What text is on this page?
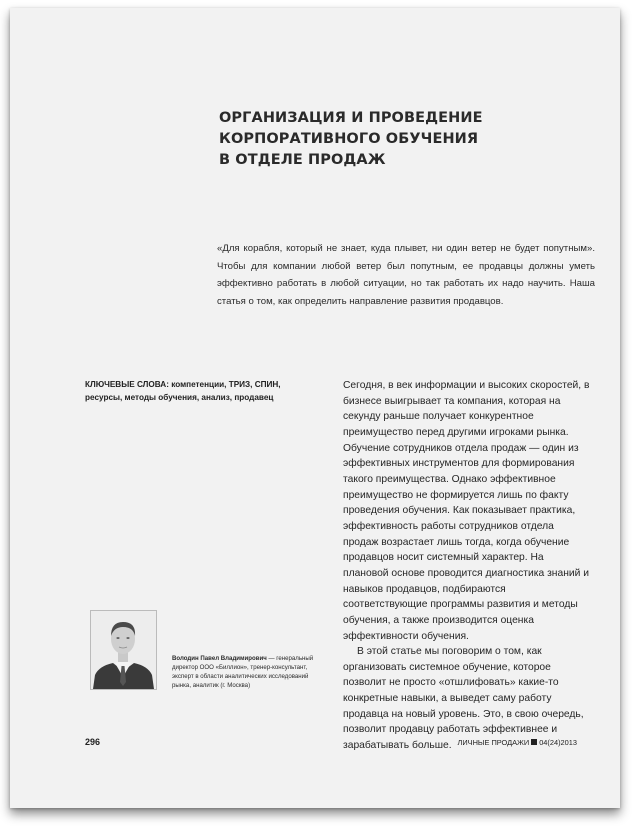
ОРГАНИЗАЦИЯ И ПРОВЕДЕНИЕ
КОРПОРАТИВНОГО ОБУЧЕНИЯ
В ОТДЕЛЕ ПРОДАЖ

«Для корабля, который не знает, куда плывет, ни один ветер не будет попутным». Чтобы для компании любой ветер был попутным, ее продавцы должны уметь эффективно работать в любой ситуации, но так работать их надо научить. Наша статья о том, как определить направление развития продавцов.

КЛЮЧЕВЫЕ СЛОВА: компетенции, ТРИЗ, СПИН, ресурсы, методы обучения, анализ, продавец

Сегодня, в век информации и высоких скоростей, в бизнесе выигрывает та компания, которая на секунду раньше получает конкурентное преимущество перед другими игроками рынка. Обучение сотрудников отдела продаж — один из эффективных инструментов для формирования такого преимущества. Однако эффективное преимущество не формируется лишь по факту проведения обучения. Как показывает практика, эффективность работы сотрудников отдела продаж возрастает лишь тогда, когда обучение продавцов носит системный характер. На плановой основе проводится диагностика знаний и навыков продавцов, подбираются соответствующие программы развития и методы обучения, а также производится оценка эффективности обучения.

В этой статье мы поговорим о том, как организовать системное обучение, которое позволит не просто «отшлифовать» какие-то конкретные навыки, а выведет саму работу продавца на новый уровень. Это, в свою очередь, позволит продавцу работать эффективнее и зарабатывать больше.

Володин Павел Владимирович — генеральный директор ООО «Биллион», тренер-консультант, эксперт в области аналитических исследований рынка, аналитик (г. Москва)

296	ЛИЧНЫЕ ПРОДАЖИ 04(24)2013
